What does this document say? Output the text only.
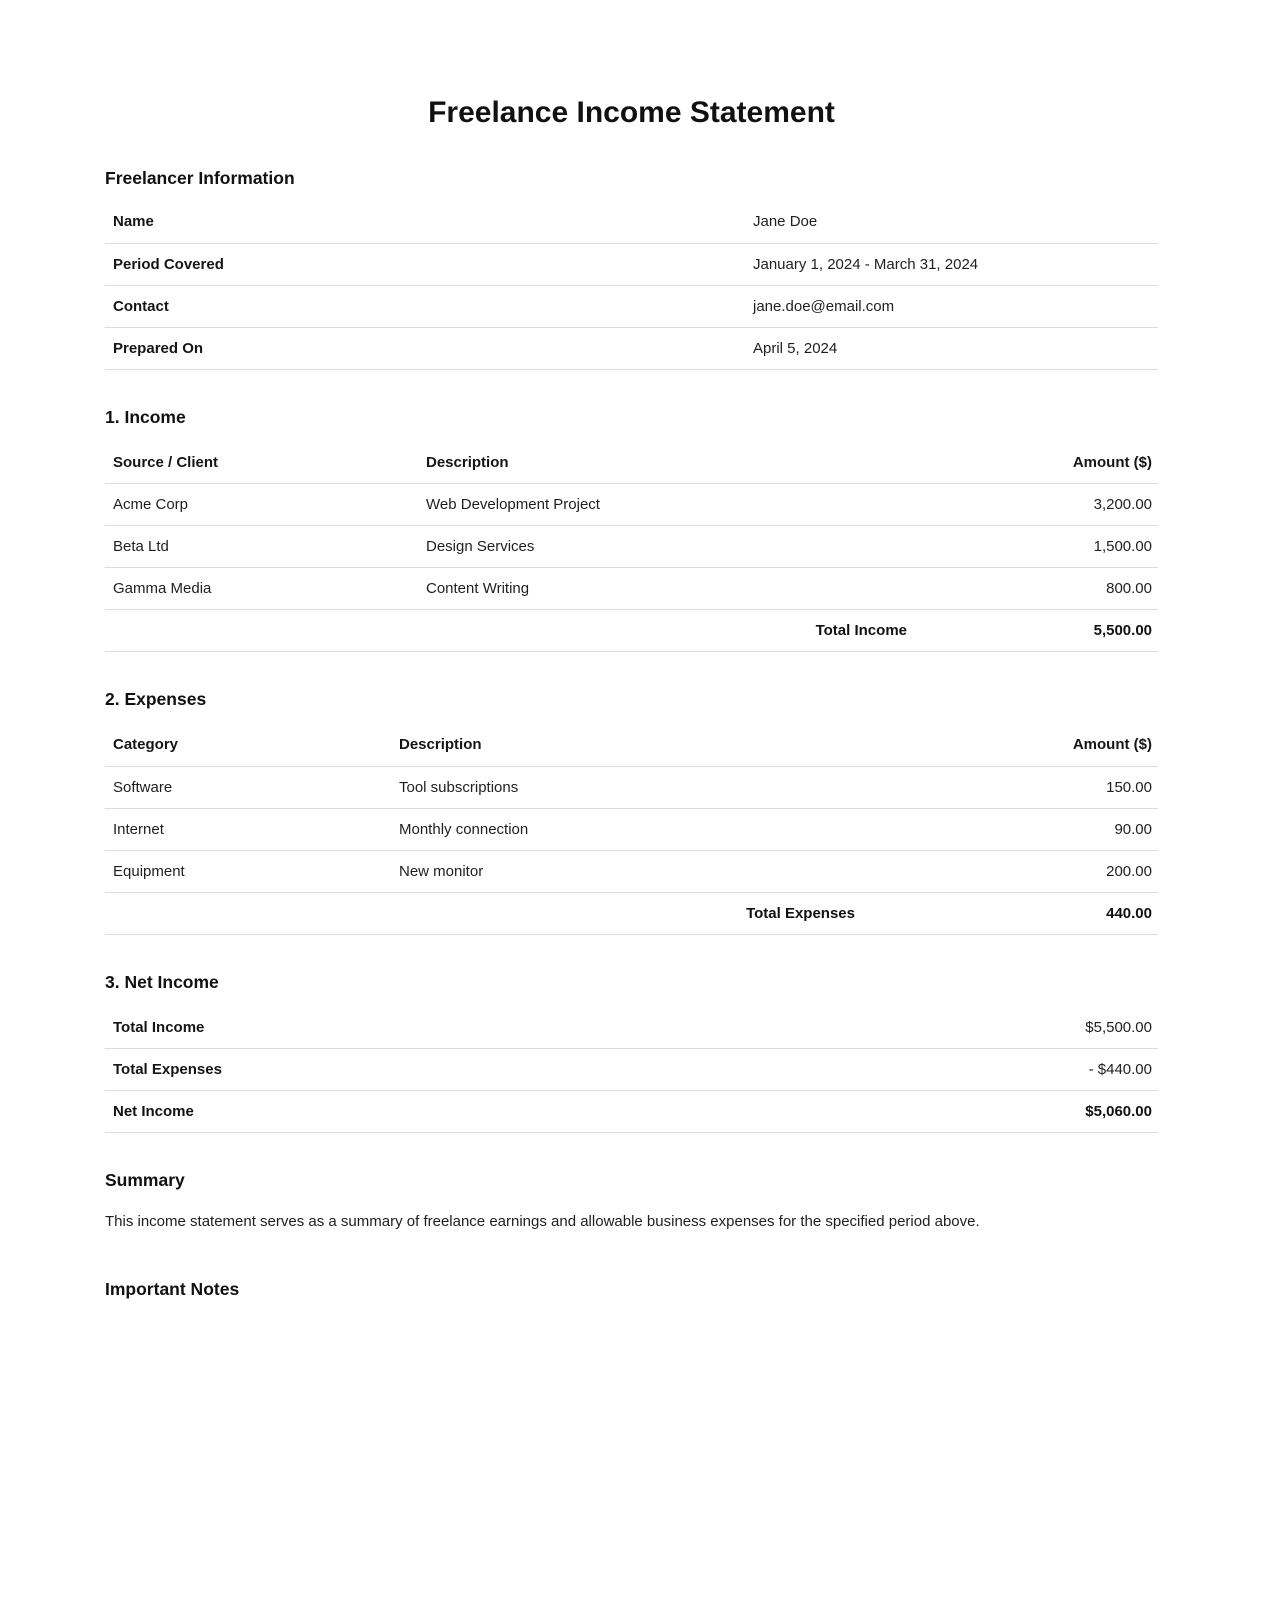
Freelance Income Statement
Freelancer Information
Name	Jane Doe
Period Covered	January 1, 2024 - March 31, 2024
Contact	jane.doe@email.com
Prepared On	April 5, 2024
1. Income
Source / Client	Description	Amount ($)
Acme Corp	Web Development Project	3,200.00
Beta Ltd	Design Services	1,500.00
Gamma Media	Content Writing	800.00
	Total Income	5,500.00
2. Expenses
Category	Description	Amount ($)
Software	Tool subscriptions	150.00
Internet	Monthly connection	90.00
Equipment	New monitor	200.00
	Total Expenses	440.00
3. Net Income
Total Income	$5,500.00
Total Expenses	- $440.00
Net Income	$5,060.00
Summary

This income statement serves as a summary of freelance earnings and allowable business expenses for the specified period above.

Important Notes
